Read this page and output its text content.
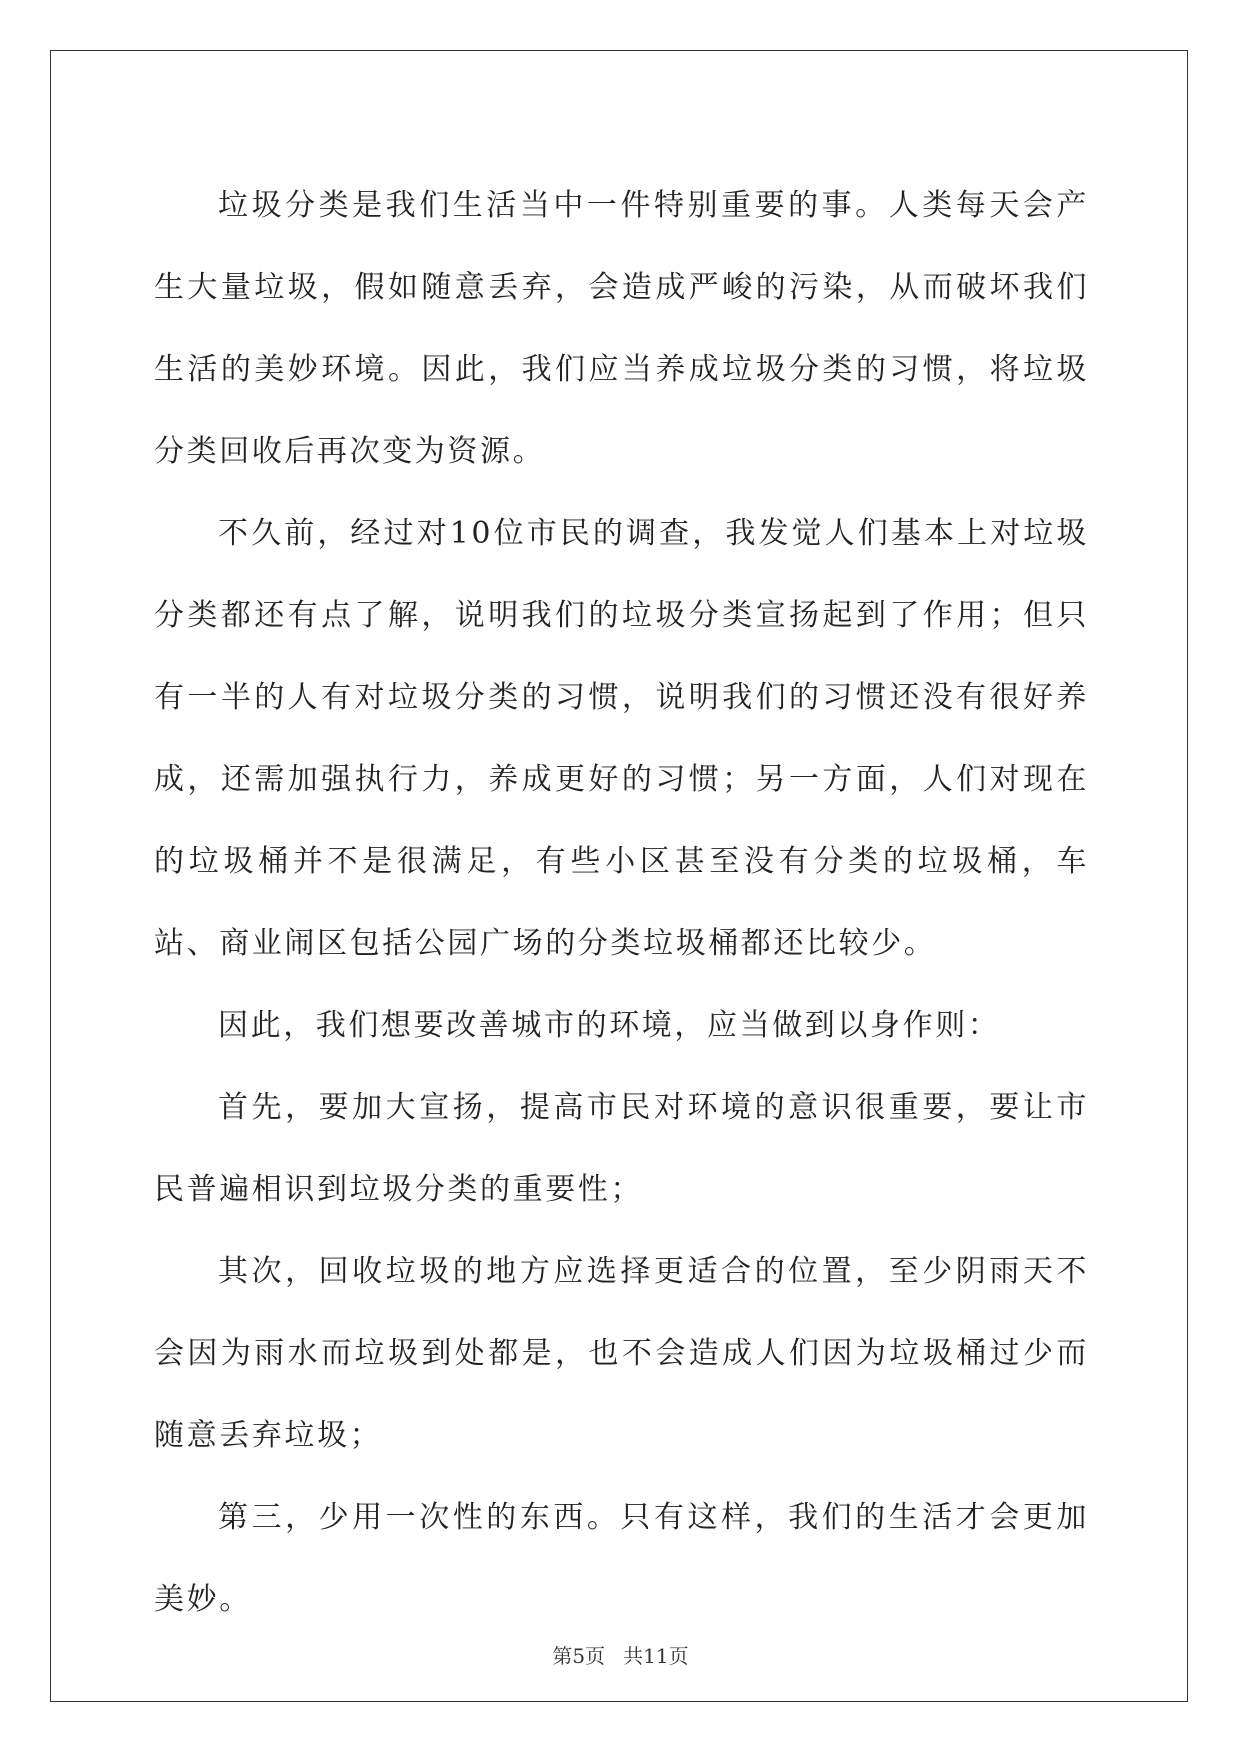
垃圾分类是我们生活当中一件特别重要的事。人类每天会产生大量垃圾，假如随意丢弃，会造成严峻的污染，从而破坏我们生活的美妙环境。因此，我们应当养成垃圾分类的习惯，将垃圾分类回收后再次变为资源。

不久前，经过对10位市民的调查，我发觉人们基本上对垃圾分类都还有点了解，说明我们的垃圾分类宣扬起到了作用；但只有一半的人有对垃圾分类的习惯，说明我们的习惯还没有很好养成，还需加强执行力，养成更好的习惯；另一方面，人们对现在的垃圾桶并不是很满足，有些小区甚至没有分类的垃圾桶，车站、商业闹区包括公园广场的分类垃圾桶都还比较少。

因此，我们想要改善城市的环境，应当做到以身作则：

首先，要加大宣扬，提高市民对环境的意识很重要，要让市民普遍相识到垃圾分类的重要性；

其次，回收垃圾的地方应选择更适合的位置，至少阴雨天不会因为雨水而垃圾到处都是，也不会造成人们因为垃圾桶过少而随意丢弃垃圾；

第三，少用一次性的东西。只有这样，我们的生活才会更加美妙。

第5页 共11页
